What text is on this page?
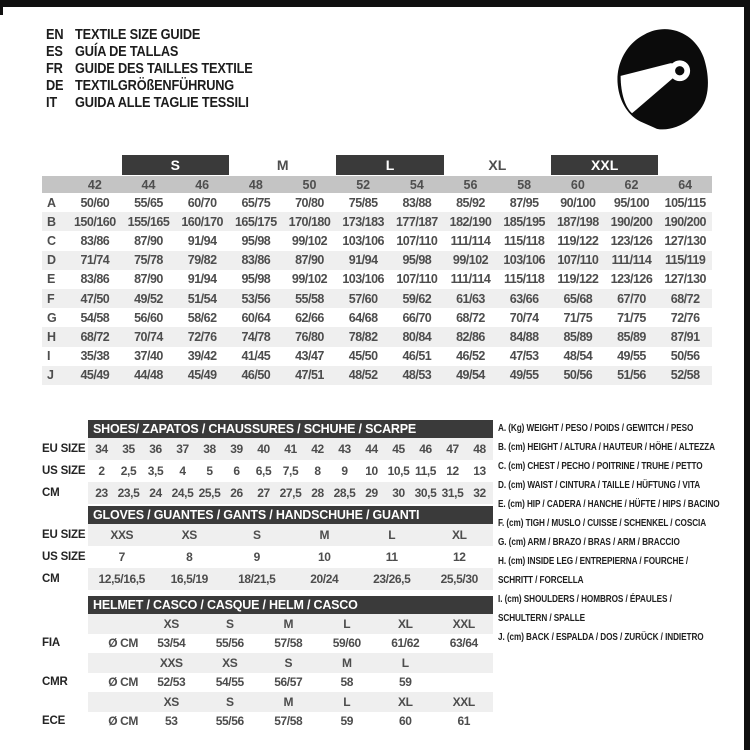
EN TEXTILE SIZE GUIDE
ES GUÍA DE TALLAS
FR GUIDE DES TAILLES TEXTILE
DE TEXTILGRÖßENFÜHRUNG
IT	GUIDA ALLE TAGLIE TESSILI
S	M	L	XL	XXL
42	44	46	48	50	52	54	56	58	60	62	64
A	50/60	55/65	60/70	65/75	70/80	75/85	83/88	85/92	87/95	90/100	95/100	105/115
B	150/160 155/165 160/170 165/175 170/180 173/183 177/187 182/190 185/195 187/198 190/200 190/200
C	83/86	87/90	91/94	95/98	99/102	103/106 107/110	111/114	115/118	119/122 123/126 127/130
D	71/74	75/78	79/82	83/86	87/90	91/94	95/98	99/102	103/106 107/110	111/114	115/119
E	83/86	87/90	91/94	95/98	99/102	103/106 107/110	111/114	115/118	119/122 123/126 127/130
F	47/50	49/52	51/54	53/56	55/58	57/60	59/62	61/63	63/66	65/68	67/70	68/72
G	54/58	56/60	58/62	60/64	62/66	64/68	66/70	68/72	70/74	71/75	71/75	72/76
H	68/72	70/74	72/76	74/78	76/80	78/82	80/84	82/86	84/88	85/89	85/89	87/91
I	35/38	37/40	39/42	41/45	43/47	45/50	46/51	46/52	47/53	48/54	49/55	50/56
J	45/49	44/48	45/49	46/50	47/51	48/52	48/53	49/54	49/55	50/56	51/56	52/58
SHOES/ ZAPATOS / CHAUSSURES / SCHUHE / SCARPE
EU SIZE 34	35	36	37	38	39	40	41	42	43	44	45	46	47	48
US SIZE	2	2,5 3,5	4	5	6	6,5 7,5	8	9	10 10,5 11,5 12	13
CM	23 23,5 24 24,5 25,5 26	27 27,5 28 28,5 29	30 30,5 31,5 32
GLOVES / GUANTES / GANTS / HANDSCHUHE / GUANTI
EU SIZE	XXS	XS	S	M	L	XL
US SIZE	7	8	9	10	11	12
CM	12,5/16,5	16,5/19	18/21,5	20/24	23/26,5	25,5/30
HELMET / CASCO / CASQUE / HELM / CASCO
XS	S	M	L	XL	XXL
FIA	Ø CM	53/54	55/56	57/58	59/60	61/62	63/64
XXS	XS	S	M	L
CMR	Ø CM	52/53	54/55	56/57	58	59
XS	S	M	L	XL	XXL
ECE	Ø CM	53	55/56	57/58	59	60	61
A. (Kg) WEIGHT / PESO / POIDS / GEWITCH / PESO
B. (cm) HEIGHT / ALTURA / HAUTEUR / HÖHE / ALTEZZA
C. (cm) CHEST / PECHO / POITRINE / TRUHE / PETTO
D. (cm) WAIST / CINTURA / TAILLE / HÜFTUNG / VITA
E. (cm) HIP / CADERA / HANCHE / HÜFTE / HIPS / BACINO
F. (cm) TIGH / MUSLO / CUISSE / SCHENKEL / COSCIA
G. (cm) ARM / BRAZO / BRAS / ARM / BRACCIO
H. (cm) INSIDE LEG / ENTREPIERNA / FOURCHE /
SCHRITT / FORCELLA
I. (cm) SHOULDERS / HOMBROS / ÉPAULES /
SCHULTERN / SPALLE
J. (cm) BACK / ESPALDA / DOS / ZURÜCK / INDIETRO
